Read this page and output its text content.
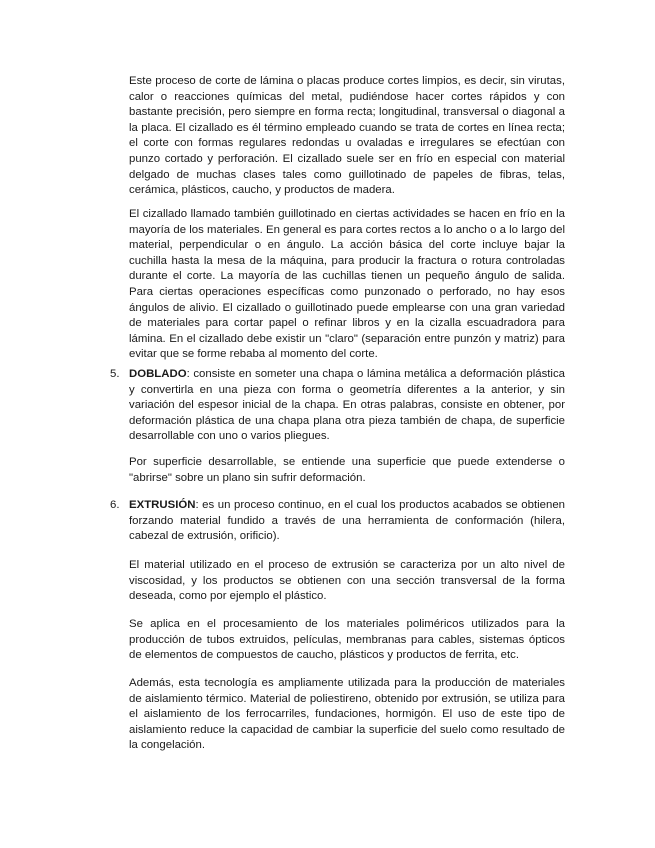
Este proceso de corte de lámina o placas produce cortes limpios, es decir, sin virutas, calor o reacciones químicas del metal, pudiéndose hacer cortes rápidos y con bastante precisión, pero siempre en forma recta; longitudinal, transversal o diagonal a la placa. El cizallado es él término empleado cuando se trata de cortes en línea recta; el corte con formas regulares redondas u ovaladas e irregulares se efectúan con punzo cortado y perforación. El cizallado suele ser en frío en especial con material delgado de muchas clases tales como guillotinado de papeles de fibras, telas, cerámica, plásticos, caucho, y productos de madera.

El cizallado llamado también guillotinado en ciertas actividades se hacen en frío en la mayoría de los materiales. En general es para cortes rectos a lo ancho o a lo largo del material, perpendicular o en ángulo. La acción básica del corte incluye bajar la cuchilla hasta la mesa de la máquina, para producir la fractura o rotura controladas durante el corte. La mayoría de las cuchillas tienen un pequeño ángulo de salida. Para ciertas operaciones específicas como punzonado o perforado, no hay esos ángulos de alivio. El cizallado o guillotinado puede emplearse con una gran variedad de materiales para cortar papel o refinar libros y en la cizalla escuadradora para lámina. En el cizallado debe existir un "claro" (separación entre punzón y matriz) para evitar que se forme rebaba al momento del corte.

5. DOBLADO: consiste en someter una chapa o lámina metálica a deformación plástica y convertirla en una pieza con forma o geometría diferentes a la anterior, y sin variación del espesor inicial de la chapa. En otras palabras, consiste en obtener, por deformación plástica de una chapa plana otra pieza también de chapa, de superficie desarrollable con uno o varios pliegues.

Por superficie desarrollable, se entiende una superficie que puede extenderse o "abrirse" sobre un plano sin sufrir deformación.

6. EXTRUSIÓN: es un proceso continuo, en el cual los productos acabados se obtienen forzando material fundido a través de una herramienta de conformación (hilera, cabezal de extrusión, orificio).

El material utilizado en el proceso de extrusión se caracteriza por un alto nivel de viscosidad, y los productos se obtienen con una sección transversal de la forma deseada, como por ejemplo el plástico.

Se aplica en el procesamiento de los materiales poliméricos utilizados para la producción de tubos extruidos, películas, membranas para cables, sistemas ópticos de elementos de compuestos de caucho, plásticos y productos de ferrita, etc.

Además, esta tecnología es ampliamente utilizada para la producción de materiales de aislamiento térmico. Material de poliestireno, obtenido por extrusión, se utiliza para el aislamiento de los ferrocarriles, fundaciones, hormigón. El uso de este tipo de aislamiento reduce la capacidad de cambiar la superficie del suelo como resultado de la congelación.
